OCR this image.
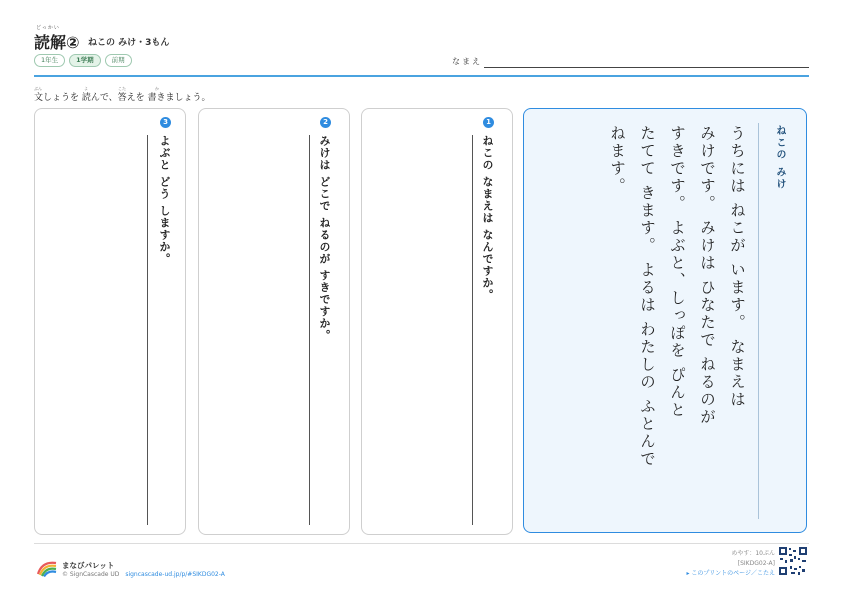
どっかい
読解② ねこの みけ・3もん
1年生	1学期	前期	なまえ
文しょうを 読んで、答えを 書きましょう。
ぶん	よ	こた	か
1
ねこの なまえは なんですか。
2
みけは どこで ねるのが すきですか。
3
よぶと どう しますか。	ねこの みけ
うちには ねこが います。 なまえは
みけです。 みけは ひなたで ねるのが
すきです。 よぶと、しっぽを ぴんと
たてて きます。 よるは わたしの ふとんで
ねます。
まなびパレット
© SignCascade UD signcascade-ud.jp/p/#SIKDG02-A
めやす：10ぷん
[SIKDG02-A]
▸ このプリントのページ／こたえ
